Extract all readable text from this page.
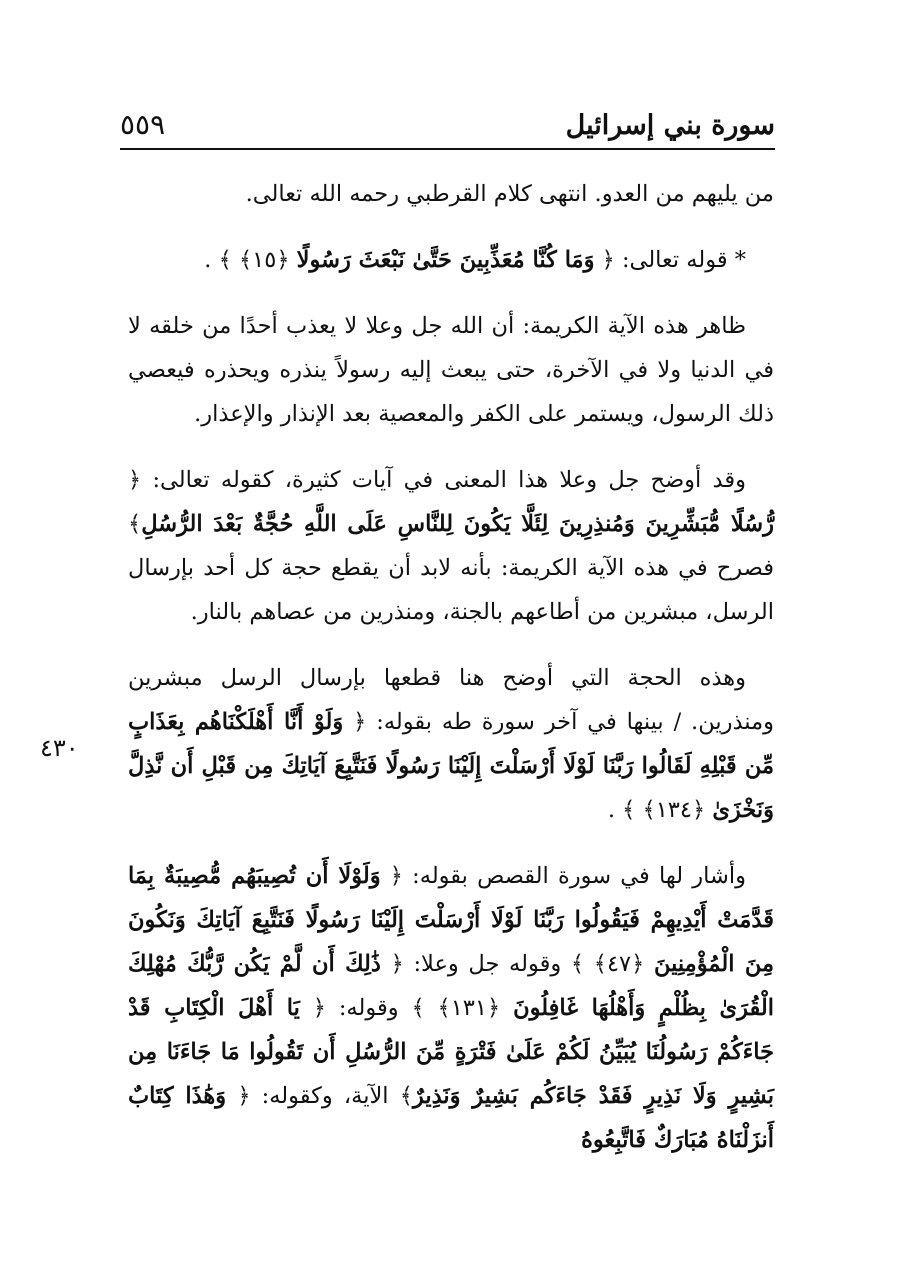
سورة بني إسرائيل
٥٥٩
٤٣٠

من يليهم من العدو. انتهى كلام القرطبي رحمه الله تعالى.

* قوله تعالى: ﴿ وَمَا كُنَّا مُعَذِّبِينَ حَتَّىٰ نَبْعَثَ رَسُولًا ﴿١٥﴾ ﴾ .

ظاهر هذه الآية الكريمة: أن الله جل وعلا لا يعذب أحدًا من خلقه لا في الدنيا ولا في الآخرة، حتى يبعث إليه رسولاً ينذره ويحذره فيعصي ذلك الرسول، ويستمر على الكفر والمعصية بعد الإنذار والإعذار.

وقد أوضح جل وعلا هذا المعنى في آيات كثيرة، كقوله تعالى: ﴿ رُّسُلًا مُّبَشِّرِينَ وَمُنذِرِينَ لِئَلَّا يَكُونَ لِلنَّاسِ عَلَى اللَّهِ حُجَّةٌ بَعْدَ الرُّسُلِ﴾ فصرح في هذه الآية الكريمة: بأنه لابد أن يقطع حجة كل أحد بإرسال الرسل، مبشرين من أطاعهم بالجنة، ومنذرين من عصاهم بالنار.

وهذه الحجة التي أوضح هنا قطعها بإرسال الرسل مبشرين ومنذرين. / بينها في آخر سورة طه بقوله: ﴿ وَلَوْ أَنَّا أَهْلَكْنَاهُم بِعَذَابٍ مِّن قَبْلِهِ لَقَالُوا رَبَّنَا لَوْلَا أَرْسَلْتَ إِلَيْنَا رَسُولًا فَنَتَّبِعَ آيَاتِكَ مِن قَبْلِ أَن نَّذِلَّ وَنَخْزَىٰ ﴿١٣٤﴾ ﴾ .

وأشار لها في سورة القصص بقوله: ﴿ وَلَوْلَا أَن تُصِيبَهُم مُّصِيبَةٌ بِمَا قَدَّمَتْ أَيْدِيهِمْ فَيَقُولُوا رَبَّنَا لَوْلَا أَرْسَلْتَ إِلَيْنَا رَسُولًا فَنَتَّبِعَ آيَاتِكَ وَنَكُونَ مِنَ الْمُؤْمِنِينَ ﴿٤٧﴾ ﴾ وقوله جل وعلا: ﴿ ذَٰلِكَ أَن لَّمْ يَكُن رَّبُّكَ مُهْلِكَ الْقُرَىٰ بِظُلْمٍ وَأَهْلُهَا غَافِلُونَ ﴿١٣١﴾ ﴾ وقوله: ﴿ يَا أَهْلَ الْكِتَابِ قَدْ جَاءَكُمْ رَسُولُنَا يُبَيِّنُ لَكُمْ عَلَىٰ فَتْرَةٍ مِّنَ الرُّسُلِ أَن تَقُولُوا مَا جَاءَنَا مِن بَشِيرٍ وَلَا نَذِيرٍ فَقَدْ جَاءَكُم بَشِيرٌ وَنَذِيرٌ﴾ الآية، وكقوله: ﴿ وَهَٰذَا كِتَابٌ أَنزَلْنَاهُ مُبَارَكٌ فَاتَّبِعُوهُ
